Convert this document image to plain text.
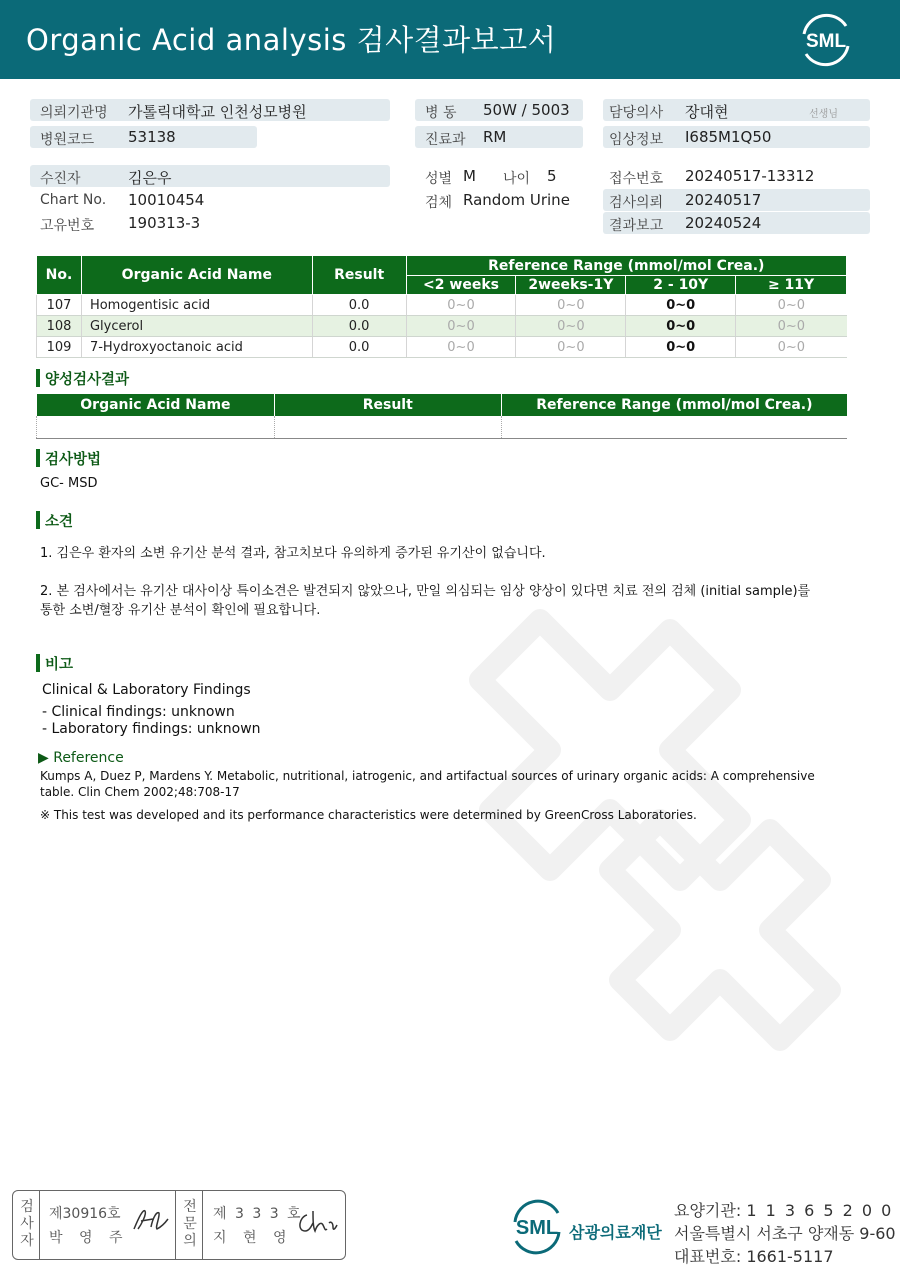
Organic Acid analysis 검사결과보고서	SML
의뢰기관명 가톨릭대학교 인천성모병원
병원코드 53138
병 동 50W / 5003
진료과 RM
담당의사 장대현	선생님
임상정보 I685M1Q50
수진자	김은우
Chart No. 10010454
고유번호 190313-3
성별 M 나이 5
검체 Random Urine
접수번호 20240517-13312
검사의뢰 20240517
결과보고 20240524
No.	Organic Acid Name	Result	Reference Range (mmol/mol Crea.)			
			<2 weeks	2weeks-1Y	2 - 10Y	≥ 11Y
107	Homogentisic acid	0.0	0~0	0~0	0~0	0~0
108	Glycerol	0.0	0~0	0~0	0~0	0~0
109	7-Hydroxyoctanoic acid	0.0	0~0	0~0	0~0	0~0
양성검사결과
Organic Acid Name	Result	Reference Range (mmol/mol Crea.)

검사방법
GC- MSD
소견
1. 김은우 환자의 소변 유기산 분석 결과, 참고치보다 유의하게 증가된 유기산이 없습니다.
2. 본 검사에서는 유기산 대사이상 특이소견은 발견되지 않았으나, 만일 의심되는 임상 양상이 있다면 치료 전의 검체 (initial sample)를
통한 소변/혈장 유기산 분석이 확인에 필요합니다.
비고
Clinical & Laboratory Findings
- Clinical findings: unknown
- Laboratory findings: unknown
▶ Reference
Kumps A, Duez P, Mardens Y. Metabolic, nutritional, iatrogenic, and artifactual sources of urinary organic acids: A comprehensive
table. Clin Chem 2002;48:708-17
※ This test was developed and its performance characteristics were determined by GreenCross Laboratories.
검사자
제30916호
박 영 주
전문의
제 3 3 3 호
지 현 영	SML 삼광의료재단
요양기관: 1 1 3 6 5 2 0 0
서울특별시 서초구 양재동 9-60
대표번호: 1661-5117
